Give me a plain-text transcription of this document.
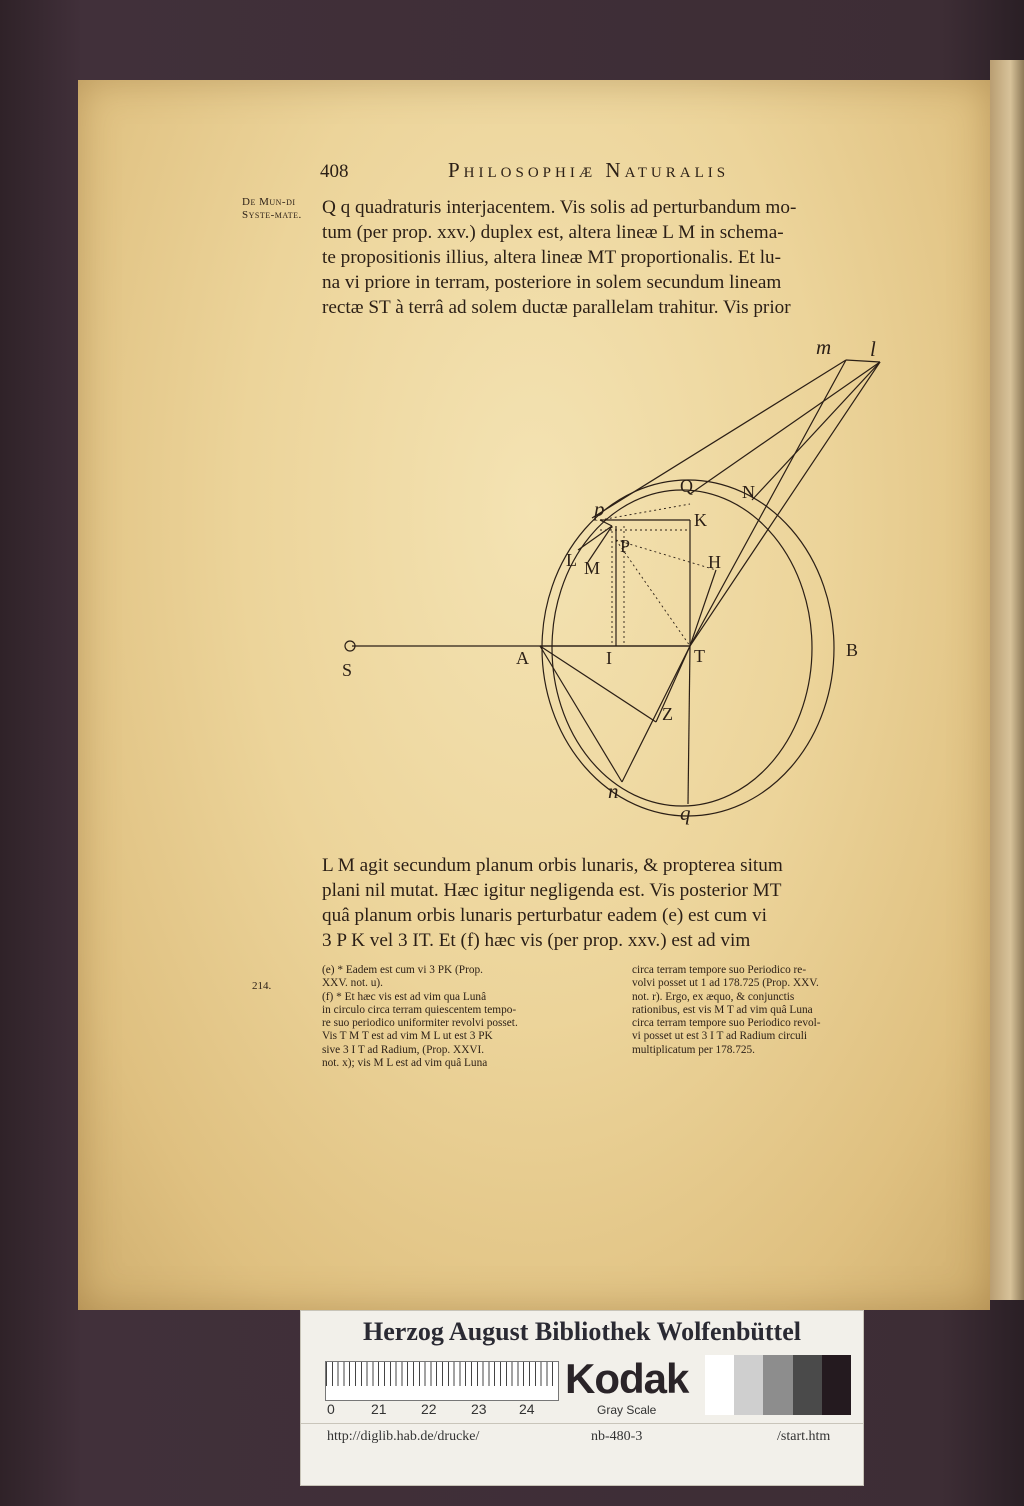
408	Philosophiæ Naturalis
De Mun-di Syste-mate. Q q quadraturis interjacentem. Vis solis ad perturbandum mo-

tum (per prop. xxv.) duplex est, altera lineæ L M in schema-

te propositionis illius, altera lineæ MT proportionalis. Et lu-

na vi priore in terram, posteriore in solem secundum lineam

rectæ ST à terrâ ad solem ductæ parallelam trahitur. Vis prior

m l
p
n
q
Q	N
K
P
L M	H
S
A	I	T	B
Z

L M agit secundum planum orbis lunaris, & propterea situm

plani nil mutat. Hæc igitur negligenda est. Vis posterior MT

quâ planum orbis lunaris perturbatur eadem (e) est cum vi

3 P K vel 3 IT. Et (f) hæc vis (per prop. xxv.) est ad vim

214.

(e) * Eadem est cum vi 3 PK (Prop.

XXV. not. u).

(f) * Et hæc vis est ad vim qua Lunâ

in circulo circa terram quiescentem tempo-

re suo periodico uniformiter revolvi posset.

Vis T M T est ad vim M L ut est 3 PK

sive 3 I T ad Radium, (Prop. XXVI.

not. x); vis M L est ad vim quâ Luna

circa terram tempore suo Periodico re-

volvi posset ut 1 ad 178.725 (Prop. XXV.

not. r). Ergo, ex æquo, & conjunctis

rationibus, est vis M T ad vim quâ Luna

circa terram tempore suo Periodico revol-

vi posset ut est 3 I T ad Radium circuli

multiplicatum per 178.725.

Herzog August Bibliothek Wolfenbüttel
0	21 22 23 24
Kodak
Gray Scale
http://diglib.hab.de/drucke/	nb-480-3	/start.htm
